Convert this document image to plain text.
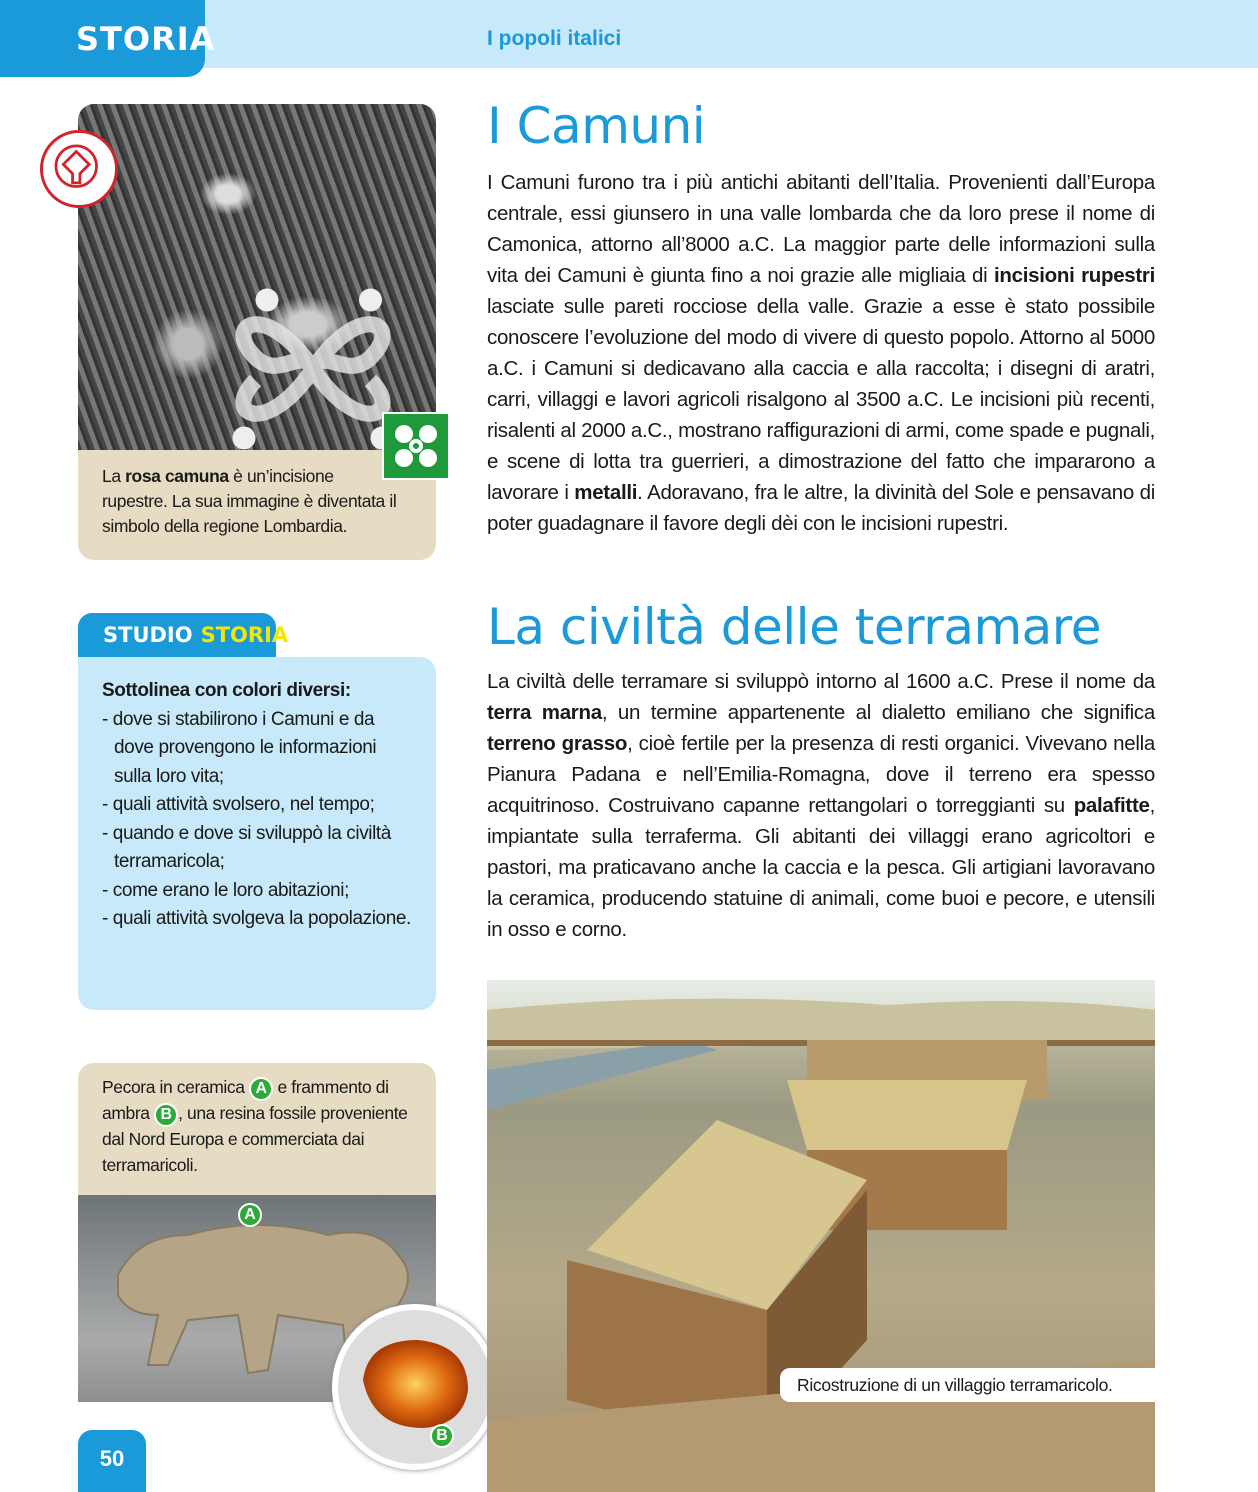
STORIA	I popoli italici
I Camuni
I Camuni furono tra i più antichi abitanti dell’Italia. Provenienti dall’Europa centrale, essi giunsero in una valle lombarda che da loro prese il nome di Camonica, attorno all’8000 a.C. La maggior parte delle informazioni sulla vita dei Camuni è giunta fino a noi grazie alle migliaia di incisioni rupestri lasciate sulle pareti rocciose della valle. Grazie a esse è stato possibile conoscere l’evoluzione del modo di vivere di questo popolo. Attorno al 5000 a.C. i Camuni si dedicavano alla caccia e alla raccolta; i disegni di aratri, carri, villaggi e lavori agricoli risalgono al 3500 a.C. Le incisioni più recenti, risalenti al 2000 a.C., mostrano raffigurazioni di armi, come spade e pugnali, e scene di lotta tra guerrieri, a dimostrazione del fatto che impararono a lavorare i metalli. Adoravano, fra le altre, la divinità del Sole e pensavano di poter guadagnare il favore degli dèi con le incisioni rupestri.
La civiltà delle terramare
La civiltà delle terramare si sviluppò intorno al 1600 a.C. Prese il nome da terra marna, un termine appartenente al dialetto emiliano che significa terreno grasso, cioè fertile per la presenza di resti organici. Vivevano nella Pianura Padana e nell’Emilia-Romagna, dove il terreno era spesso acquitrinoso. Costruivano capanne rettangolari o torreggianti su palafitte, impiantate sulla terraferma. Gli abitanti dei villaggi erano agricoltori e pastori, ma praticavano anche la caccia e la pesca. Gli artigiani lavoravano la ceramica, producendo statuine di animali, come buoi e pecore, e utensili in osso e corno.
La rosa camuna è un’incisione rupestre. La sua immagine è diventata il simbolo della regione Lombardia.
STUDIO STORIA
Sottolinea con colori diversi:
- dove si stabilirono i Camuni e da dove provengono le informazioni sulla loro vita;
- quali attività svolsero, nel tempo;
- quando e dove si sviluppò la civiltà terramaricola;
- come erano le loro abitazioni;
- quali attività svolgeva la popolazione.
Pecora in ceramica A e frammento di ambra B , una resina fossile proveniente dal Nord Europa e commerciata dai terramaricoli.
A
B
50
Ricostruzione di un villaggio terramaricolo.
